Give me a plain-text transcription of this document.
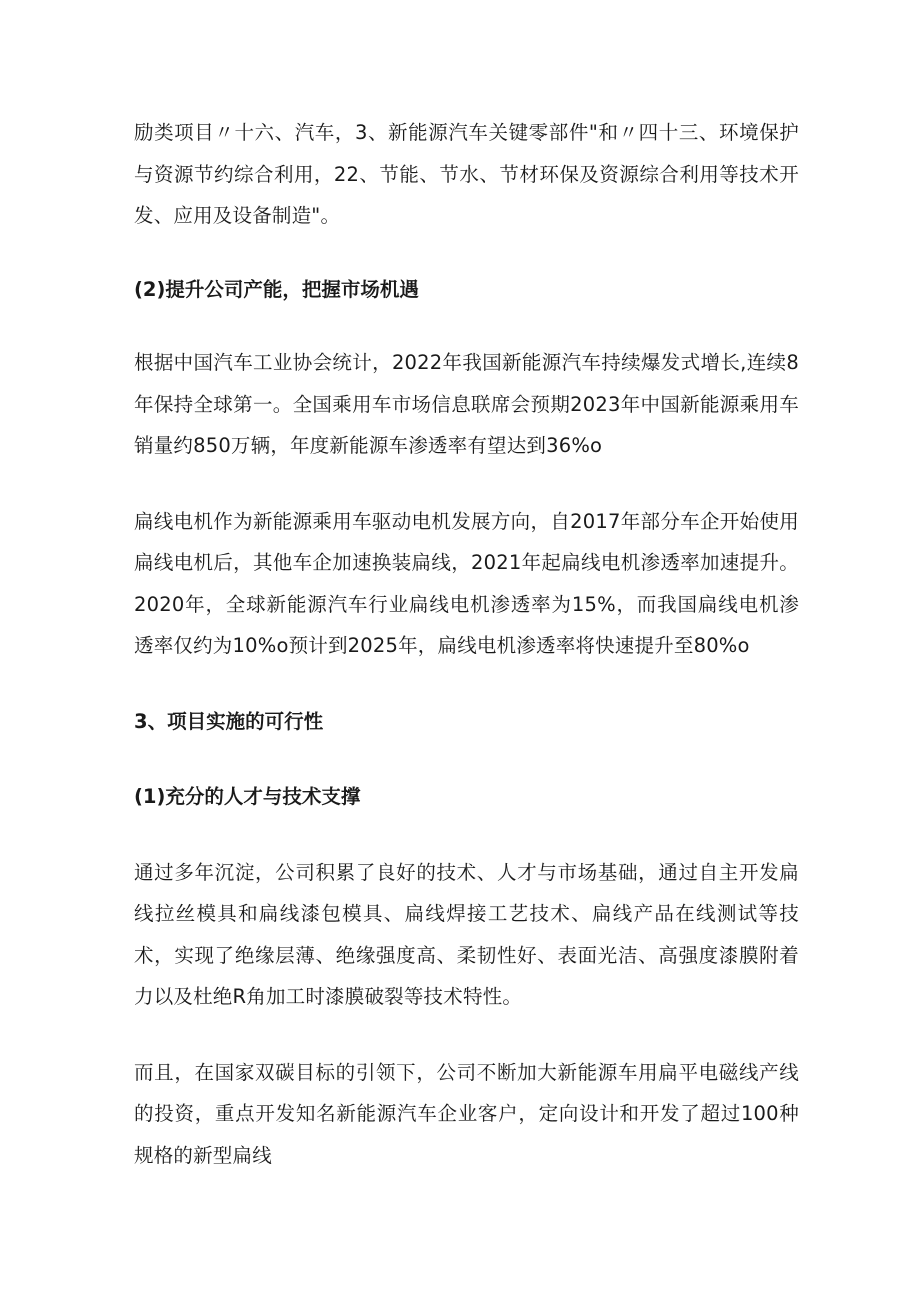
励类项目〃十六、汽车，3、新能源汽车关键零部件"和〃四十三、环境保护与资源节约综合利用，22、节能、节水、节材环保及资源综合利用等技术开发、应用及设备制造"。

(2)提升公司产能，把握市场机遇

根据中国汽车工业协会统计，2022年我国新能源汽车持续爆发式增长,连续8年保持全球第一。全国乘用车市场信息联席会预期2023年中国新能源乘用车销量约850万辆，年度新能源车渗透率有望达到36%o

扁线电机作为新能源乘用车驱动电机发展方向，自2017年部分车企开始使用扁线电机后，其他车企加速换装扁线，2021年起扁线电机渗透率加速提升。2020年，全球新能源汽车行业扁线电机渗透率为15%，而我国扁线电机渗透率仅约为10%o预计到2025年，扁线电机渗透率将快速提升至80%o

3、项目实施的可行性

(1)充分的人才与技术支撑

通过多年沉淀，公司积累了良好的技术、人才与市场基础，通过自主开发扁线拉丝模具和扁线漆包模具、扁线焊接工艺技术、扁线产品在线测试等技术，实现了绝缘层薄、绝缘强度高、柔韧性好、表面光洁、高强度漆膜附着力以及杜绝R角加工时漆膜破裂等技术特性。

而且，在国家双碳目标的引领下，公司不断加大新能源车用扁平电磁线产线的投资，重点开发知名新能源汽车企业客户，定向设计和开发了超过100种规格的新型扁线
